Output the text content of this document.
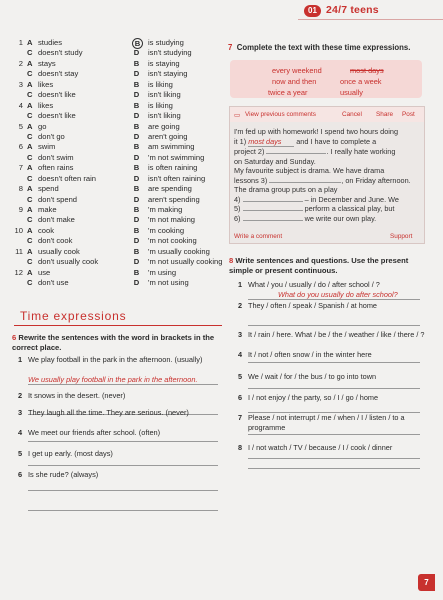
01 24/7 teens
1 A studies	B	is studying
C doesn't study	D isn't studying
2 A stays	B is staying
C doesn't stay	D isn't staying
3 A likes	B is liking
C doesn't like	D isn't liking
4 A likes	B is liking
C doesn't like	D isn't liking
5 A go	B are going
C don't go	D aren't going
6 A swim	B am swimming
C don't swim	D 'm not swimming
7 A often rains	B is often raining
C doesn't often rain	D isn't often raining
8 A spend	B are spending
C don't spend	D aren't spending
9 A make	B 'm making
C don't make	D 'm not making
10 A cook	B 'm cooking
C don't cook	D 'm not cooking
11 A usually cook	B 'm usually cooking
C don't usually cook	D 'm not usually cooking
12 A use	B 'm using
C don't use	D 'm not using
Time expressions
6 Rewrite the sentences with the word in brackets in the correct place.
1 We play football in the park in the afternoon. (usually)
We usually play football in the park in the afternoon.
2 It snows in the desert. (never)
3 They laugh all the time. They are serious. (never)
4 We meet our friends after school. (often)
5 I get up early. (most days)
6 Is she rude? (always)
7 Complete the text with these time expressions.
every weekend	most days
now and then	once a week
twice a year	usually
▭ View previous comments	Cancel Share Post
I'm fed up with homework! I spend two hours doing
it 1) most days and I have to complete a
project 2)	. I really hate working
on Saturday and Sunday.
My favourite subject is drama. We have drama
lessons 3)	, on Friday afternoon.
The drama group puts on a play
4)	– in December and June. We
5)	perform a classical play, but
6)	we write our own play.
Write a comment	Support
8 Write sentences and questions. Use the present simple or present continuous.
1 What / you / usually / do / after school / ?
What do you usually do after school?
2 They / often / speak / Spanish / at home
3 It / rain / here. What / be / the / weather / like / there / ?
4 It / not / often snow / in the winter here
5 We / wait / for / the bus / to go into town
6 I / not enjoy / the party, so / I / go / home
7 Please / not interrupt / me / when / I / listen / to a programme
8 I / not watch / TV / because / I / cook / dinner
7
